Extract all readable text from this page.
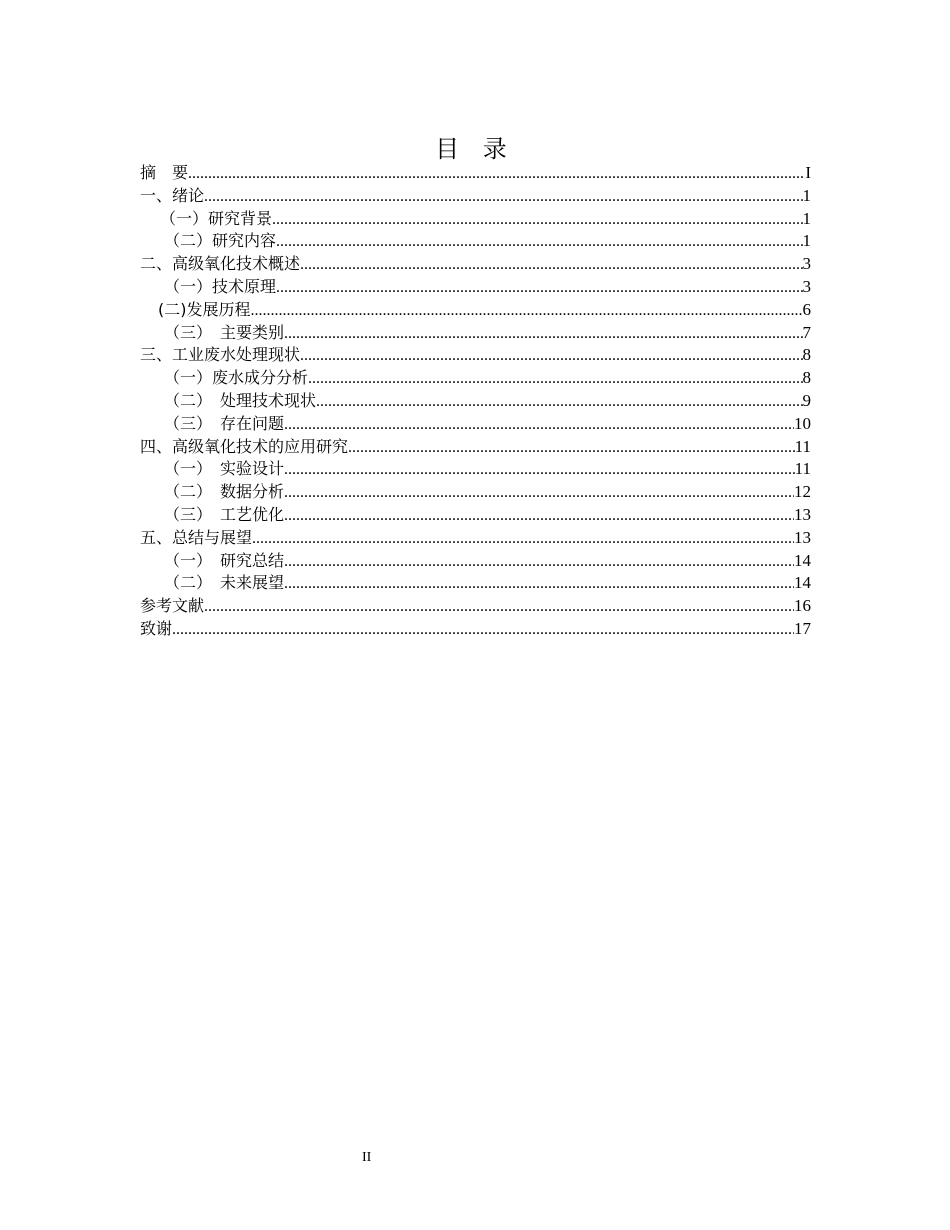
目 录
摘　要 .....	I
一、绪论 .....	1
（一）研究背景 .....	1
（二）研究内容 .....	1
二、高级氧化技术概述 .....	3
（一）技术原理 .....	3
(二)发展历程 .....	6
（三）　主要类别 .....	7
三、工业废水处理现状 .....	8
（一）废水成分分析 .....	8
（二）　处理技术现状 .....	9
（三）　存在问题 .....	10
四、高级氧化技术的应用研究 .....	11
（一）　实验设计 .....	11
（二）　数据分析 .....	12
（三）　工艺优化 .....	13
五、总结与展望 .....	13
（一）　研究总结 .....	14
（二）　未来展望 .....	14
参考文献 .....	16
致谢 .....	17
II
